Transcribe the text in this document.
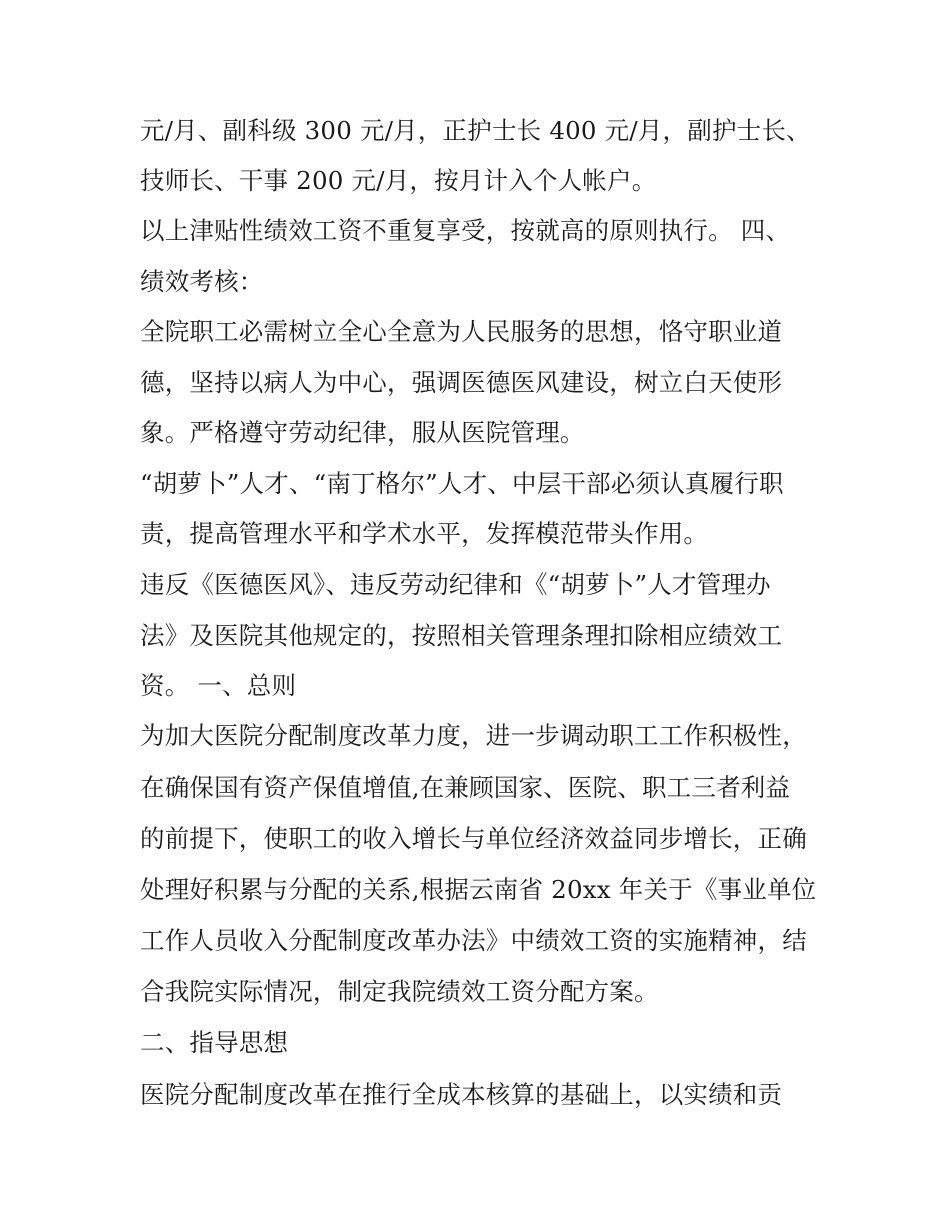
元/月、副科级 300 元/月，正护士长 400 元/月，副护士长、
技师长、干事 200 元/月，按月计入个人帐户。
以上津贴性绩效工资不重复享受，按就高的原则执行。 四、
绩效考核：
全院职工必需树立全心全意为人民服务的思想，恪守职业道
德，坚持以病人为中心，强调医德医风建设，树立白天使形
象。严格遵守劳动纪律，服从医院管理。
“胡萝卜”人才、“南丁格尔”人才、中层干部必须认真履行职
责，提高管理水平和学术水平，发挥模范带头作用。
违反《医德医风》、违反劳动纪律和《“胡萝卜”人才管理办
法》及医院其他规定的，按照相关管理条理扣除相应绩效工
资。 一、总则
为加大医院分配制度改革力度，进一步调动职工工作积极性，
在确保国有资产保值增值,在兼顾国家、医院、职工三者利益
的前提下，使职工的收入增长与单位经济效益同步增长，正确
处理好积累与分配的关系,根据云南省 20xx 年关于《事业单位
工作人员收入分配制度改革办法》中绩效工资的实施精神，结
合我院实际情况，制定我院绩效工资分配方案。
二、指导思想
医院分配制度改革在推行全成本核算的基础上，以实绩和贡
